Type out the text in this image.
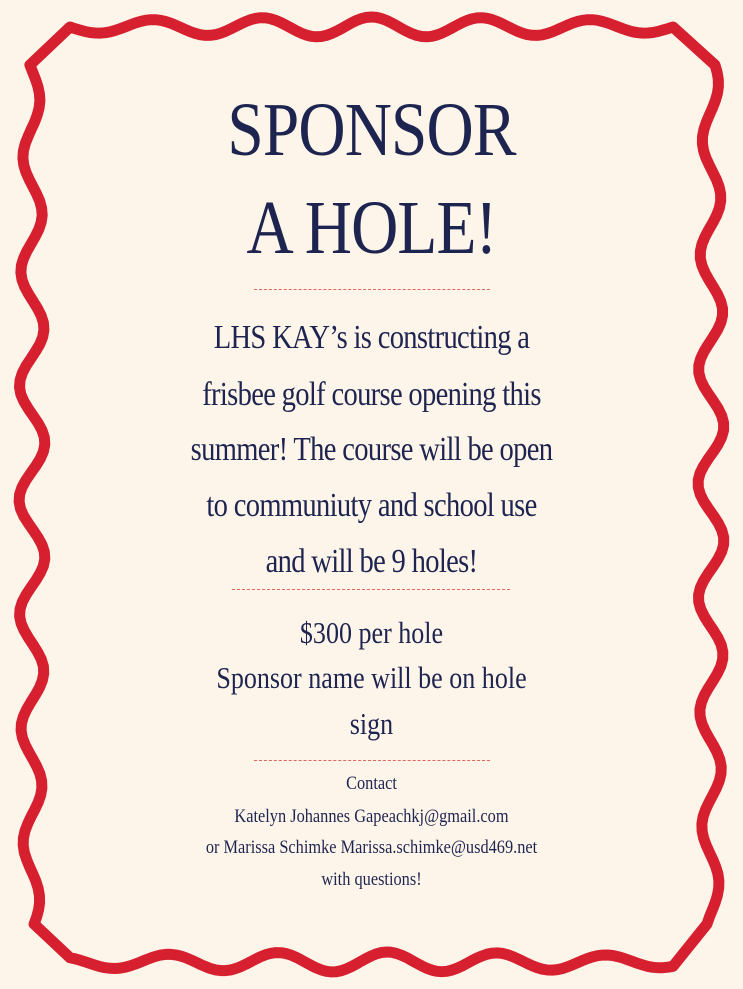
SPONSOR
A HOLE!
LHS KAY’s is constructing a
frisbee golf course opening this
summer! The course will be open
to communiuty and school use
and will be 9 holes!
$300 per hole
Sponsor name will be on hole
sign
Contact
Katelyn Johannes Gapeachkj@gmail.com
or Marissa Schimke Marissa.schimke@usd469.net
with questions!
